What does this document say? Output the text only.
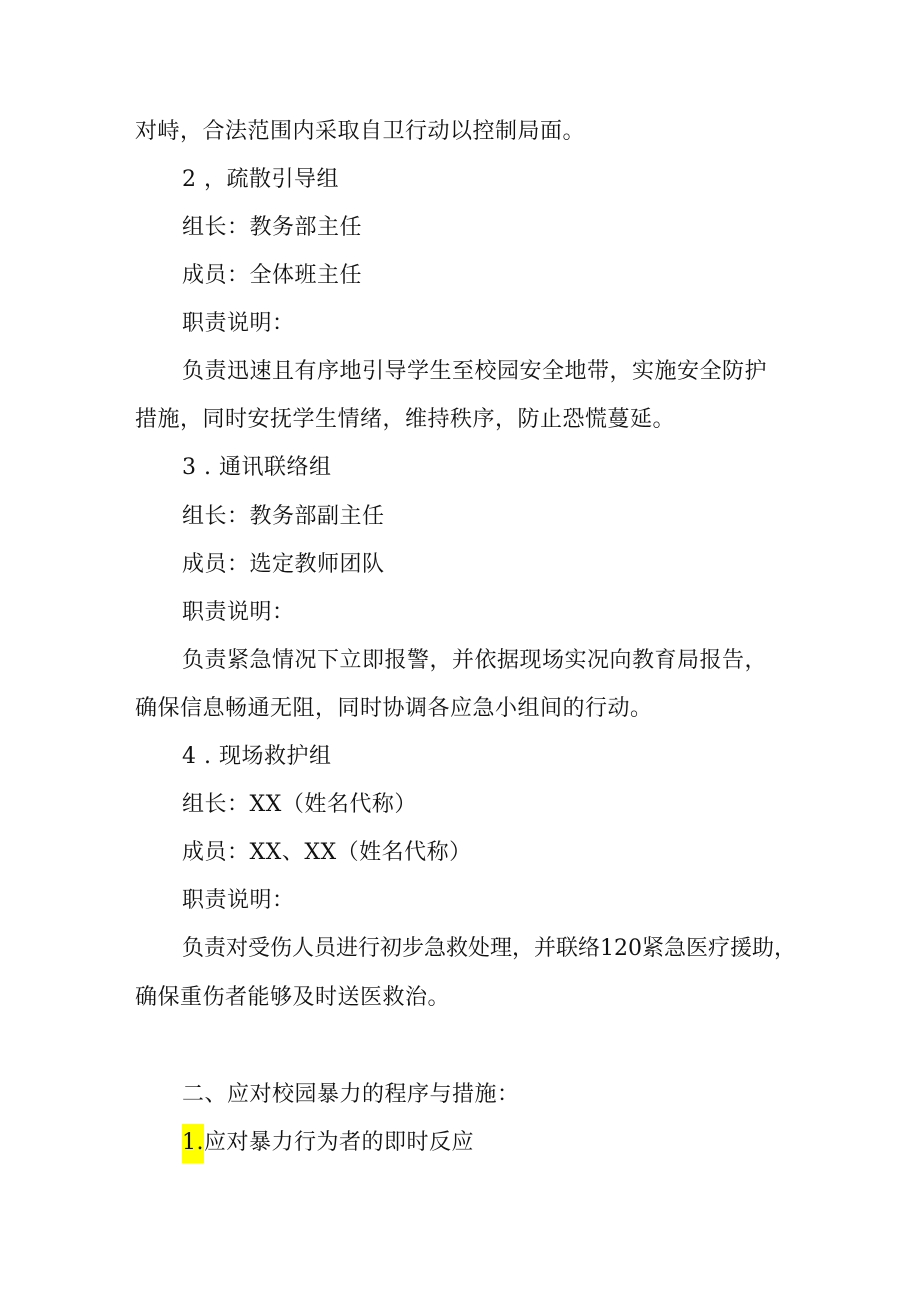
对峙，合法范围内采取自卫行动以控制局面。
2 ，疏散引导组
组长：教务部主任
成员：全体班主任
职责说明：
负责迅速且有序地引导学生至校园安全地带，实施安全防护
措施，同时安抚学生情绪，维持秩序，防止恐慌蔓延。
3 . 通讯联络组
组长：教务部副主任
成员：选定教师团队
职责说明：
负责紧急情况下立即报警，并依据现场实况向教育局报告，
确保信息畅通无阻，同时协调各应急小组间的行动。
4 . 现场救护组
组长：XX（姓名代称）
成员：XX、XX（姓名代称）
职责说明：
负责对受伤人员进行初步急救处理，并联络120紧急医疗援助，
确保重伤者能够及时送医救治。
二、应对校园暴力的程序与措施：
1.应对暴力行为者的即时反应
